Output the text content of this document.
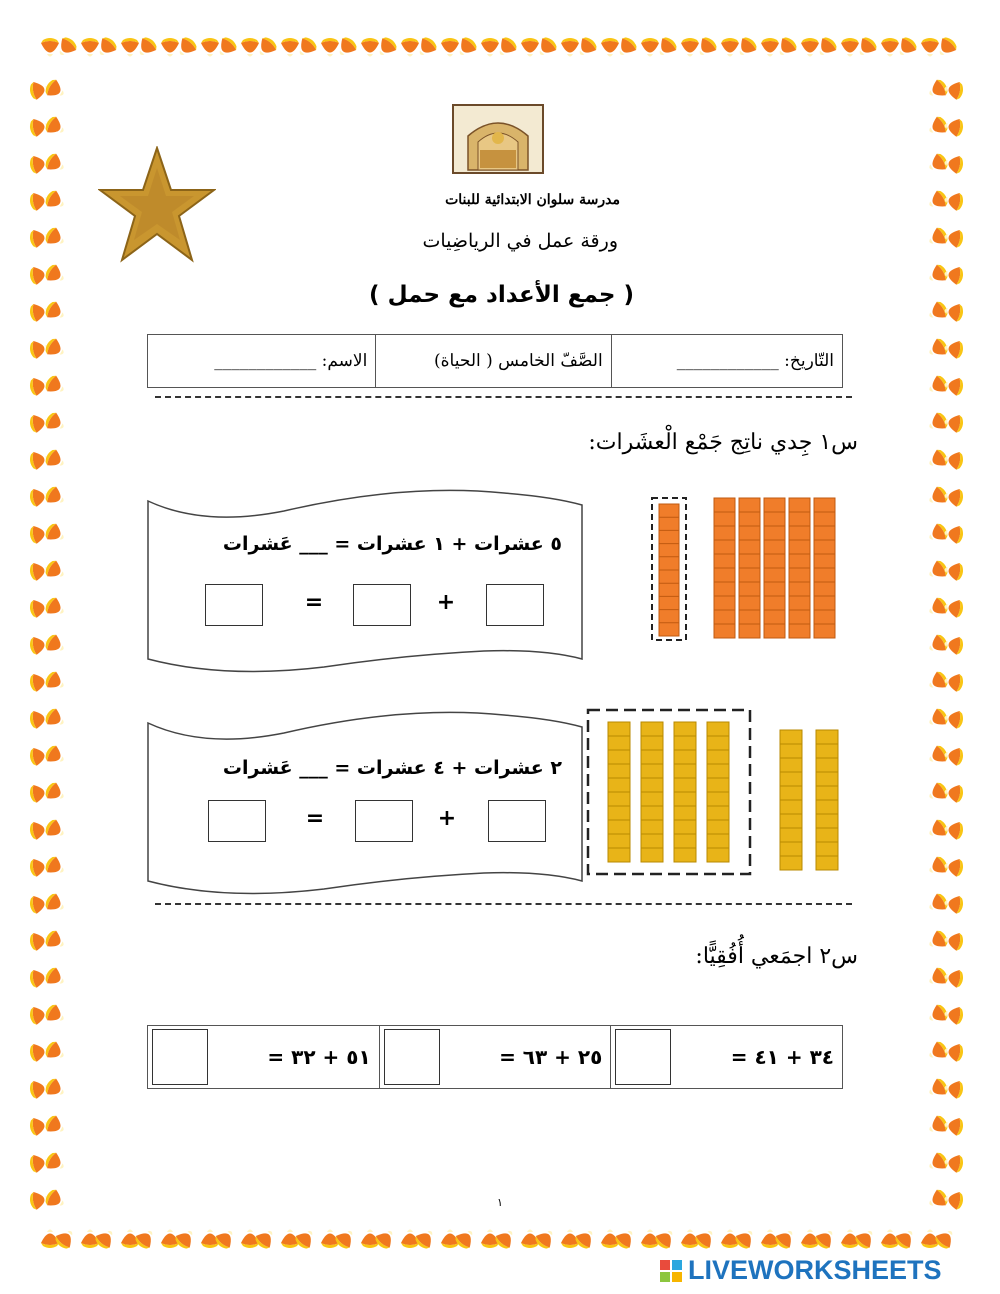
مدرسة سلوان الابتدائية للبنات
ورقة عمل في الرياضِيات
( جمع الأعداد مع حمل )
التّاريخ: ____________
الصَّفّ الخامس ( الحياة)
الاسم: ____________
س١ جِدي ناتِج جَمْع الْعشَرات:
٥ عشرات + ١ عشرات = ___ عَشرات
+
=
٢ عشرات + ٤ عشرات = ___ عَشرات
+
=
س٢ اجمَعي أُفُقِيًّا:
٣٤ + ٤١ =
٢٥ + ٦٣ =
٥١ + ٣٢ =
١
LIVEWORKSHEETS
